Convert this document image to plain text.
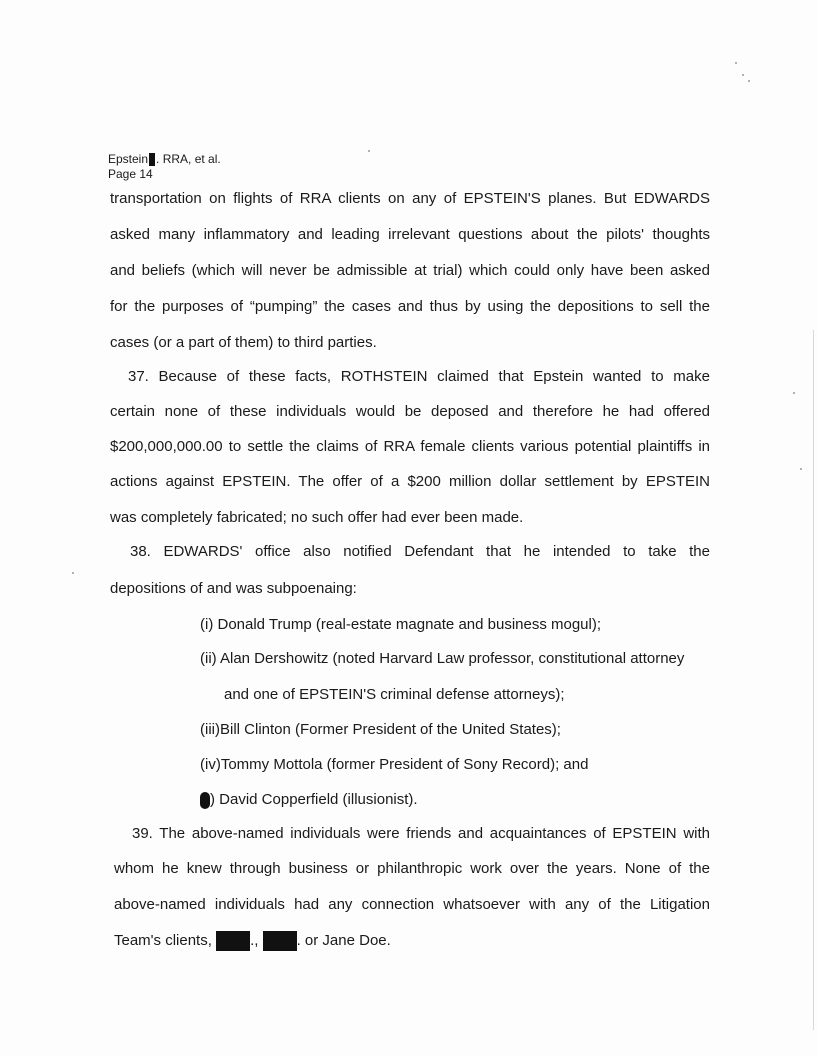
Epstein . RRA, et al.
Page 14
transportation on flights of RRA clients on any of EPSTEIN'S planes. But EDWARDS
asked many inflammatory and leading irrelevant questions about the pilots' thoughts
and beliefs (which will never be admissible at trial) which could only have been asked
for the purposes of “pumping” the cases and thus by using the depositions to sell the
cases (or a part of them) to third parties.
37. Because of these facts, ROTHSTEIN claimed that Epstein wanted to make
certain none of these individuals would be deposed and therefore he had offered
$200,000,000.00 to settle the claims of RRA female clients various potential plaintiffs in
actions against EPSTEIN. The offer of a $200 million dollar settlement by EPSTEIN
was completely fabricated; no such offer had ever been made.
38. EDWARDS' office also notified Defendant that he intended to take the
depositions of and was subpoenaing:
(i) Donald Trump (real-estate magnate and business mogul);
(ii) Alan Dershowitz (noted Harvard Law professor, constitutional attorney
and one of EPSTEIN'S criminal defense attorneys);
(iii)Bill Clinton (Former President of the United States);
(iv)Tommy Mottola (former President of Sony Record); and
) David Copperfield (illusionist).
39. The above-named individuals were friends and acquaintances of EPSTEIN with
whom he knew through business or philanthropic work over the years. None of the
above-named individuals had any connection whatsoever with any of the Litigation
Team's clients,	., . or Jane Doe.
